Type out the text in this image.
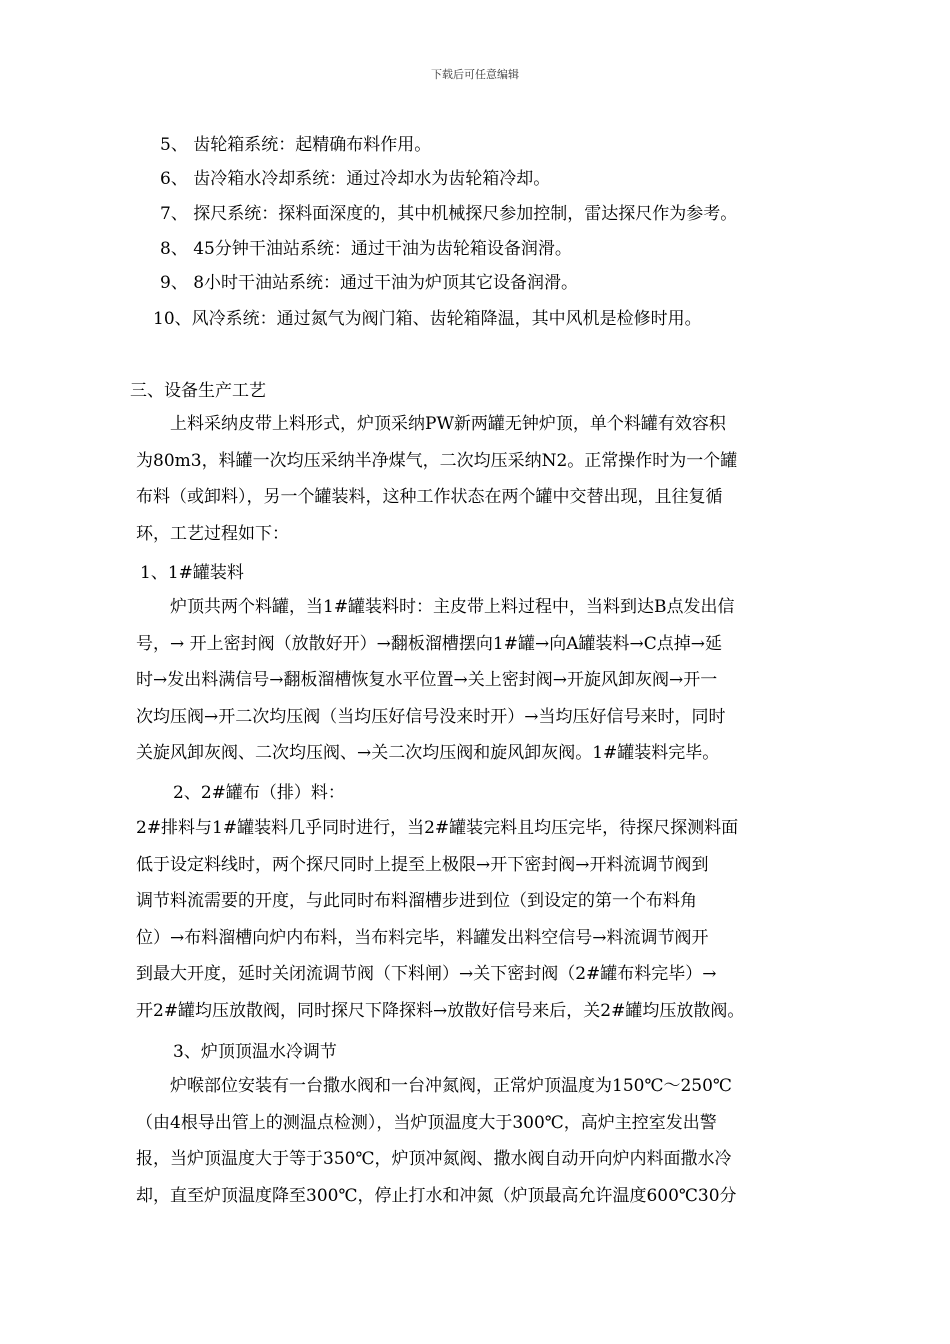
下载后可任意编辑
5、 齿轮箱系统：起精确布料作用。
6、 齿冷箱水冷却系统：通过冷却水为齿轮箱冷却。
7、 探尺系统：探料面深度的，其中机械探尺参加控制，雷达探尺作为参考。
8、 45分钟干油站系统：通过干油为齿轮箱设备润滑。
9、 8小时干油站系统：通过干油为炉顶其它设备润滑。
10、风冷系统：通过氮气为阀门箱、齿轮箱降温，其中风机是检修时用。
三、设备生产工艺
　　上料采纳皮带上料形式，炉顶采纳PW新两罐无钟炉顶，单个料罐有效容积
为80m3，料罐一次均压采纳半净煤气，二次均压采纳N2。正常操作时为一个罐
布料（或卸料），另一个罐装料，这种工作状态在两个罐中交替出现，且往复循
环，工艺过程如下：
1、1#罐装料
　　炉顶共两个料罐，当1#罐装料时：主皮带上料过程中，当料到达B点发出信
号，→ 开上密封阀（放散好开）→翻板溜槽摆向1#罐→向A罐装料→C点掉→延
时→发出料满信号→翻板溜槽恢复水平位置→关上密封阀→开旋风卸灰阀→开一
次均压阀→开二次均压阀（当均压好信号没来时开）→当均压好信号来时，同时
关旋风卸灰阀、二次均压阀、→关二次均压阀和旋风卸灰阀。1#罐装料完毕。
2、2#罐布（排）料：
2#排料与1#罐装料几乎同时进行，当2#罐装完料且均压完毕，待探尺探测料面
低于设定料线时，两个探尺同时上提至上极限→开下密封阀→开料流调节阀到
调节料流需要的开度，与此同时布料溜槽步进到位（到设定的第一个布料角
位）→布料溜槽向炉内布料，当布料完毕，料罐发出料空信号→料流调节阀开
到最大开度，延时关闭流调节阀（下料闸）→关下密封阀（2#罐布料完毕）→
开2#罐均压放散阀，同时探尺下降探料→放散好信号来后，关2#罐均压放散阀。
3、炉顶顶温水冷调节
　　炉喉部位安装有一台撒水阀和一台冲氮阀，正常炉顶温度为150℃～250℃
（由4根导出管上的测温点检测），当炉顶温度大于300℃，高炉主控室发出警
报，当炉顶温度大于等于350℃，炉顶冲氮阀、撒水阀自动开向炉内料面撒水冷
却，直至炉顶温度降至300℃，停止打水和冲氮（炉顶最高允许温度600℃30分
